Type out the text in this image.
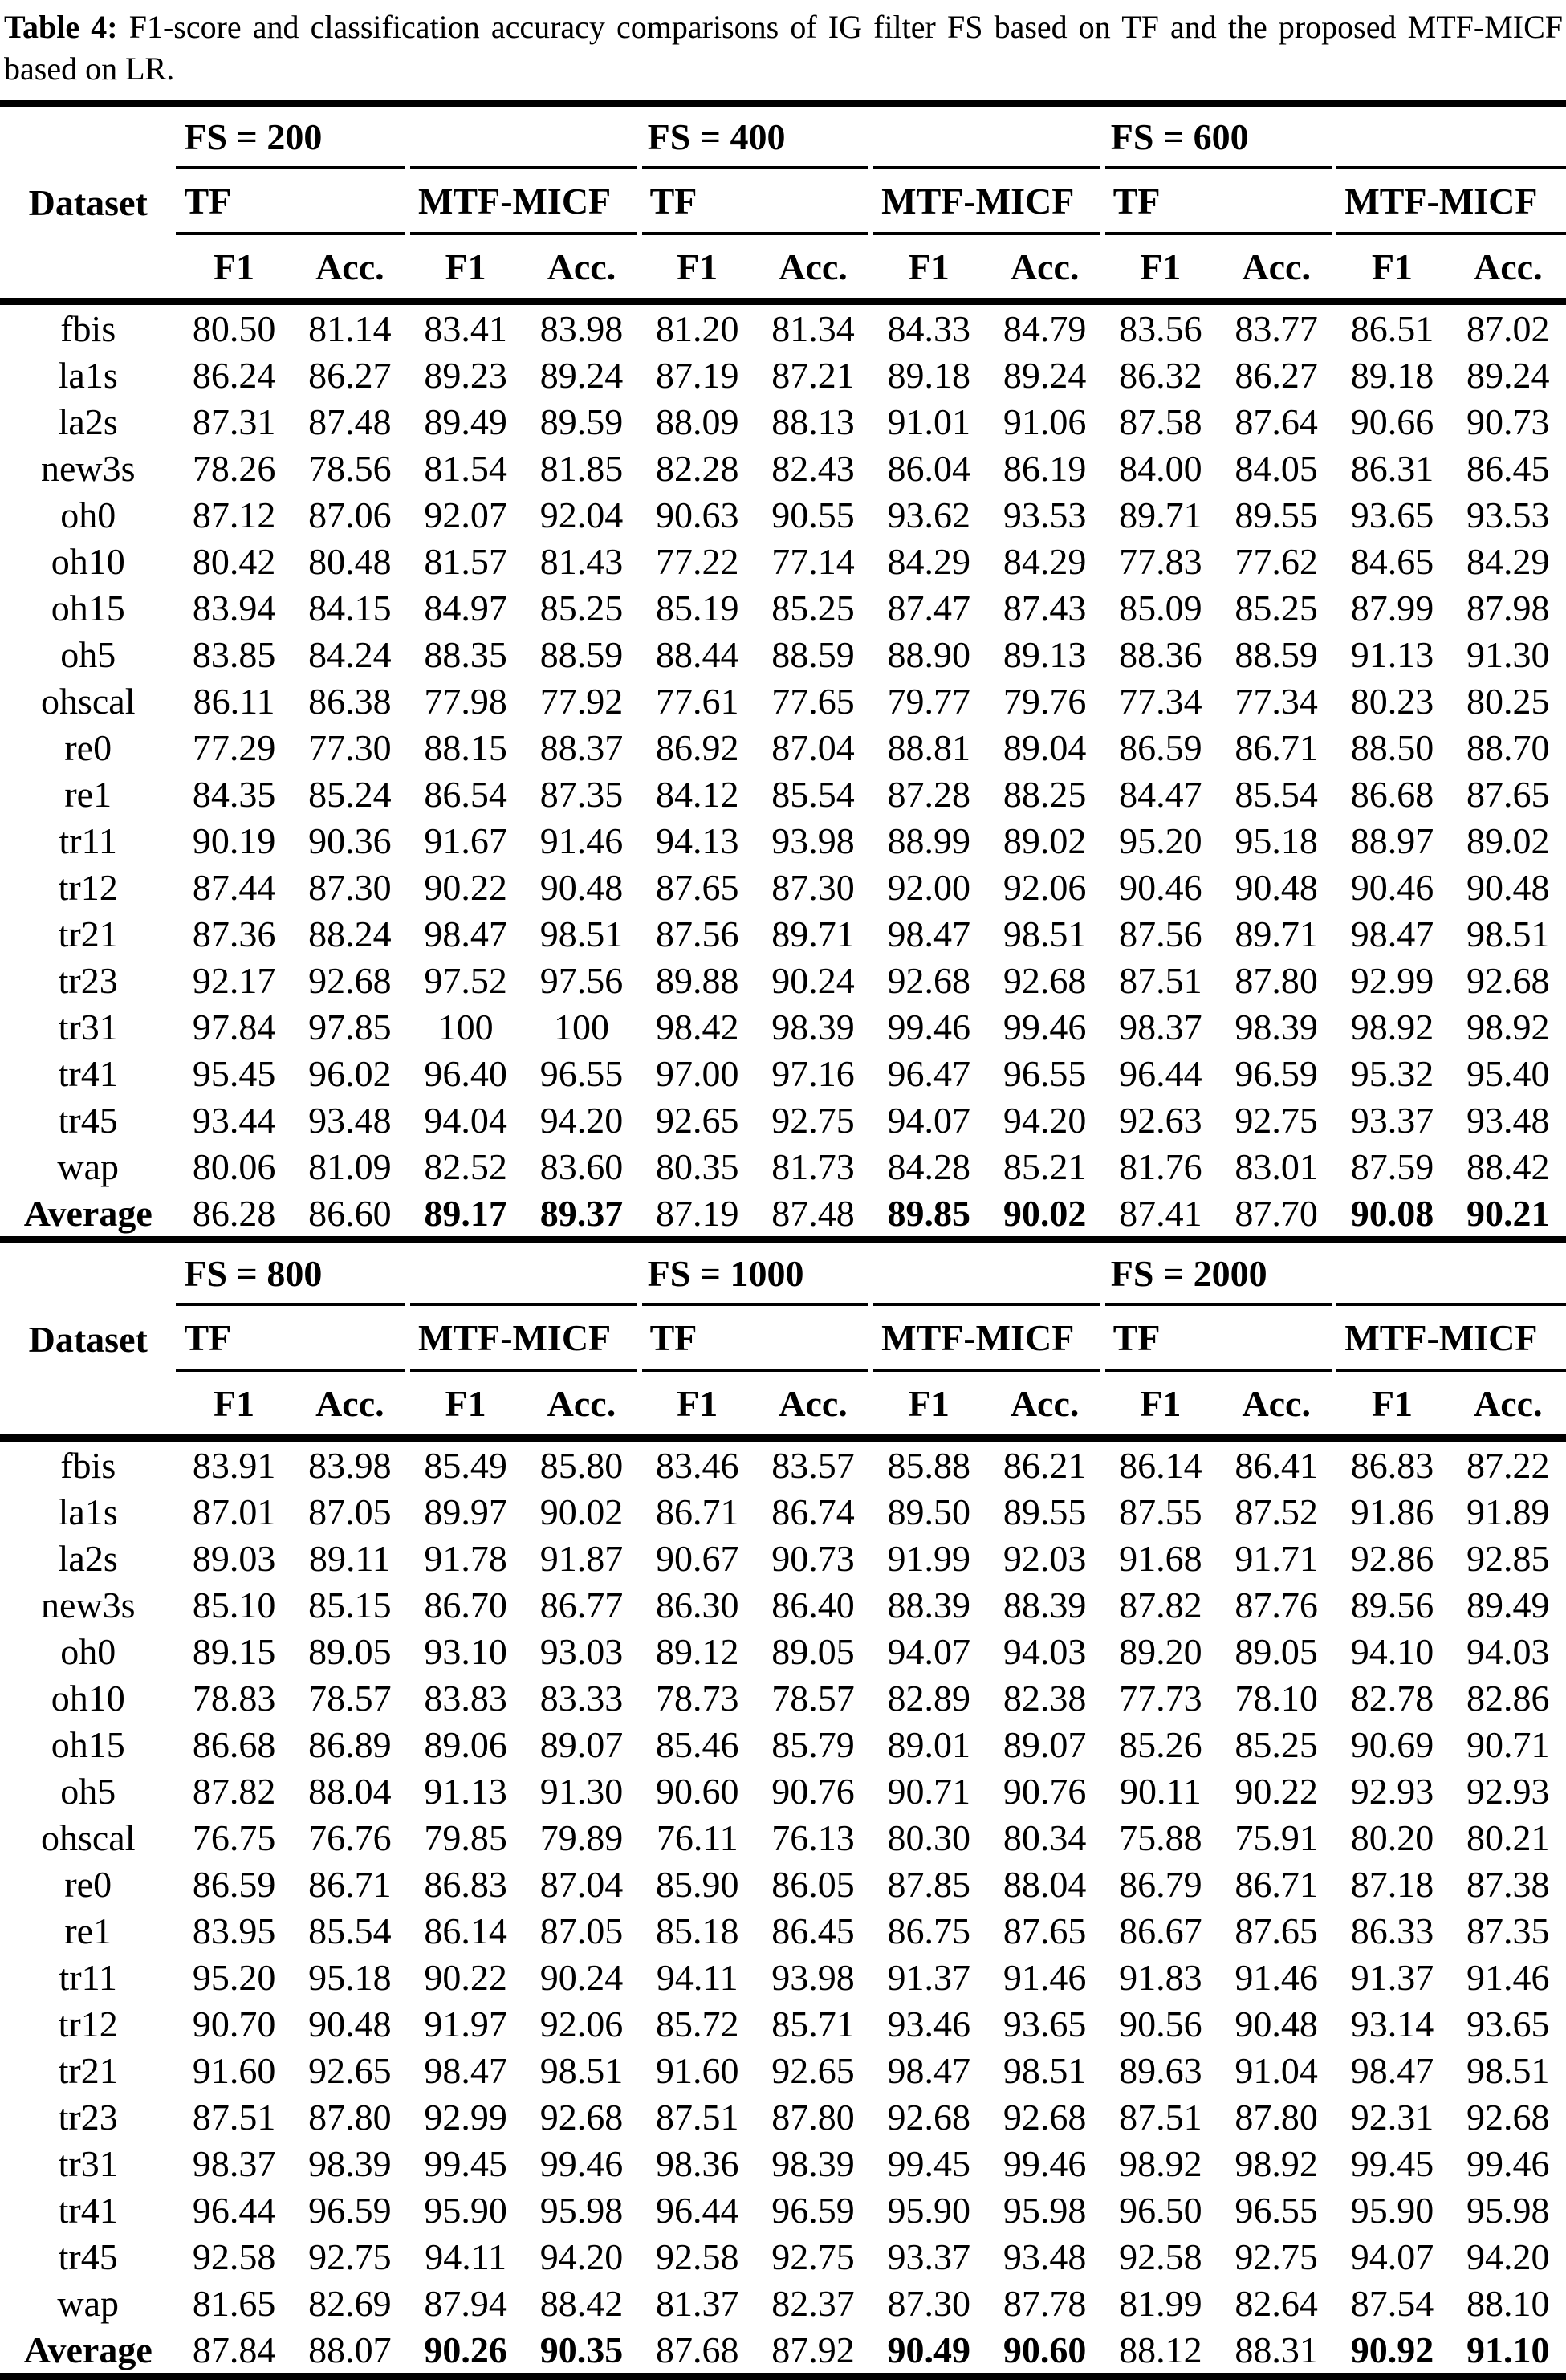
Table 4: F1-score and classification accuracy comparisons of IG filter FS based on TF and the proposed MTF-MICF based on LR.

Dataset	FS = 200				FS = 400				FS = 600			
	TF		MTF-MICF		TF		MTF-MICF		TF		MTF-MICF	
	F1	Acc.	F1	Acc.	F1	Acc.	F1	Acc.	F1	Acc.	F1	Acc.
fbis	80.50	81.14	83.41	83.98	81.20	81.34	84.33	84.79	83.56	83.77	86.51	87.02
la1s	86.24	86.27	89.23	89.24	87.19	87.21	89.18	89.24	86.32	86.27	89.18	89.24
la2s	87.31	87.48	89.49	89.59	88.09	88.13	91.01	91.06	87.58	87.64	90.66	90.73
new3s	78.26	78.56	81.54	81.85	82.28	82.43	86.04	86.19	84.00	84.05	86.31	86.45
oh0	87.12	87.06	92.07	92.04	90.63	90.55	93.62	93.53	89.71	89.55	93.65	93.53
oh10	80.42	80.48	81.57	81.43	77.22	77.14	84.29	84.29	77.83	77.62	84.65	84.29
oh15	83.94	84.15	84.97	85.25	85.19	85.25	87.47	87.43	85.09	85.25	87.99	87.98
oh5	83.85	84.24	88.35	88.59	88.44	88.59	88.90	89.13	88.36	88.59	91.13	91.30
ohscal	86.11	86.38	77.98	77.92	77.61	77.65	79.77	79.76	77.34	77.34	80.23	80.25
re0	77.29	77.30	88.15	88.37	86.92	87.04	88.81	89.04	86.59	86.71	88.50	88.70
re1	84.35	85.24	86.54	87.35	84.12	85.54	87.28	88.25	84.47	85.54	86.68	87.65
tr11	90.19	90.36	91.67	91.46	94.13	93.98	88.99	89.02	95.20	95.18	88.97	89.02
tr12	87.44	87.30	90.22	90.48	87.65	87.30	92.00	92.06	90.46	90.48	90.46	90.48
tr21	87.36	88.24	98.47	98.51	87.56	89.71	98.47	98.51	87.56	89.71	98.47	98.51
tr23	92.17	92.68	97.52	97.56	89.88	90.24	92.68	92.68	87.51	87.80	92.99	92.68
tr31	97.84	97.85	100	100	98.42	98.39	99.46	99.46	98.37	98.39	98.92	98.92
tr41	95.45	96.02	96.40	96.55	97.00	97.16	96.47	96.55	96.44	96.59	95.32	95.40
tr45	93.44	93.48	94.04	94.20	92.65	92.75	94.07	94.20	92.63	92.75	93.37	93.48
wap	80.06	81.09	82.52	83.60	80.35	81.73	84.28	85.21	81.76	83.01	87.59	88.42
Average	86.28	86.60	89.17	89.37	87.19	87.48	89.85	90.02	87.41	87.70	90.08	90.21
Dataset	FS = 800				FS = 1000				FS = 2000			
	TF		MTF-MICF		TF		MTF-MICF		TF		MTF-MICF	
	F1	Acc.	F1	Acc.	F1	Acc.	F1	Acc.	F1	Acc.	F1	Acc.
fbis	83.91	83.98	85.49	85.80	83.46	83.57	85.88	86.21	86.14	86.41	86.83	87.22
la1s	87.01	87.05	89.97	90.02	86.71	86.74	89.50	89.55	87.55	87.52	91.86	91.89
la2s	89.03	89.11	91.78	91.87	90.67	90.73	91.99	92.03	91.68	91.71	92.86	92.85
new3s	85.10	85.15	86.70	86.77	86.30	86.40	88.39	88.39	87.82	87.76	89.56	89.49
oh0	89.15	89.05	93.10	93.03	89.12	89.05	94.07	94.03	89.20	89.05	94.10	94.03
oh10	78.83	78.57	83.83	83.33	78.73	78.57	82.89	82.38	77.73	78.10	82.78	82.86
oh15	86.68	86.89	89.06	89.07	85.46	85.79	89.01	89.07	85.26	85.25	90.69	90.71
oh5	87.82	88.04	91.13	91.30	90.60	90.76	90.71	90.76	90.11	90.22	92.93	92.93
ohscal	76.75	76.76	79.85	79.89	76.11	76.13	80.30	80.34	75.88	75.91	80.20	80.21
re0	86.59	86.71	86.83	87.04	85.90	86.05	87.85	88.04	86.79	86.71	87.18	87.38
re1	83.95	85.54	86.14	87.05	85.18	86.45	86.75	87.65	86.67	87.65	86.33	87.35
tr11	95.20	95.18	90.22	90.24	94.11	93.98	91.37	91.46	91.83	91.46	91.37	91.46
tr12	90.70	90.48	91.97	92.06	85.72	85.71	93.46	93.65	90.56	90.48	93.14	93.65
tr21	91.60	92.65	98.47	98.51	91.60	92.65	98.47	98.51	89.63	91.04	98.47	98.51
tr23	87.51	87.80	92.99	92.68	87.51	87.80	92.68	92.68	87.51	87.80	92.31	92.68
tr31	98.37	98.39	99.45	99.46	98.36	98.39	99.45	99.46	98.92	98.92	99.45	99.46
tr41	96.44	96.59	95.90	95.98	96.44	96.59	95.90	95.98	96.50	96.55	95.90	95.98
tr45	92.58	92.75	94.11	94.20	92.58	92.75	93.37	93.48	92.58	92.75	94.07	94.20
wap	81.65	82.69	87.94	88.42	81.37	82.37	87.30	87.78	81.99	82.64	87.54	88.10
Average	87.84	88.07	90.26	90.35	87.68	87.92	90.49	90.60	88.12	88.31	90.92	91.10
